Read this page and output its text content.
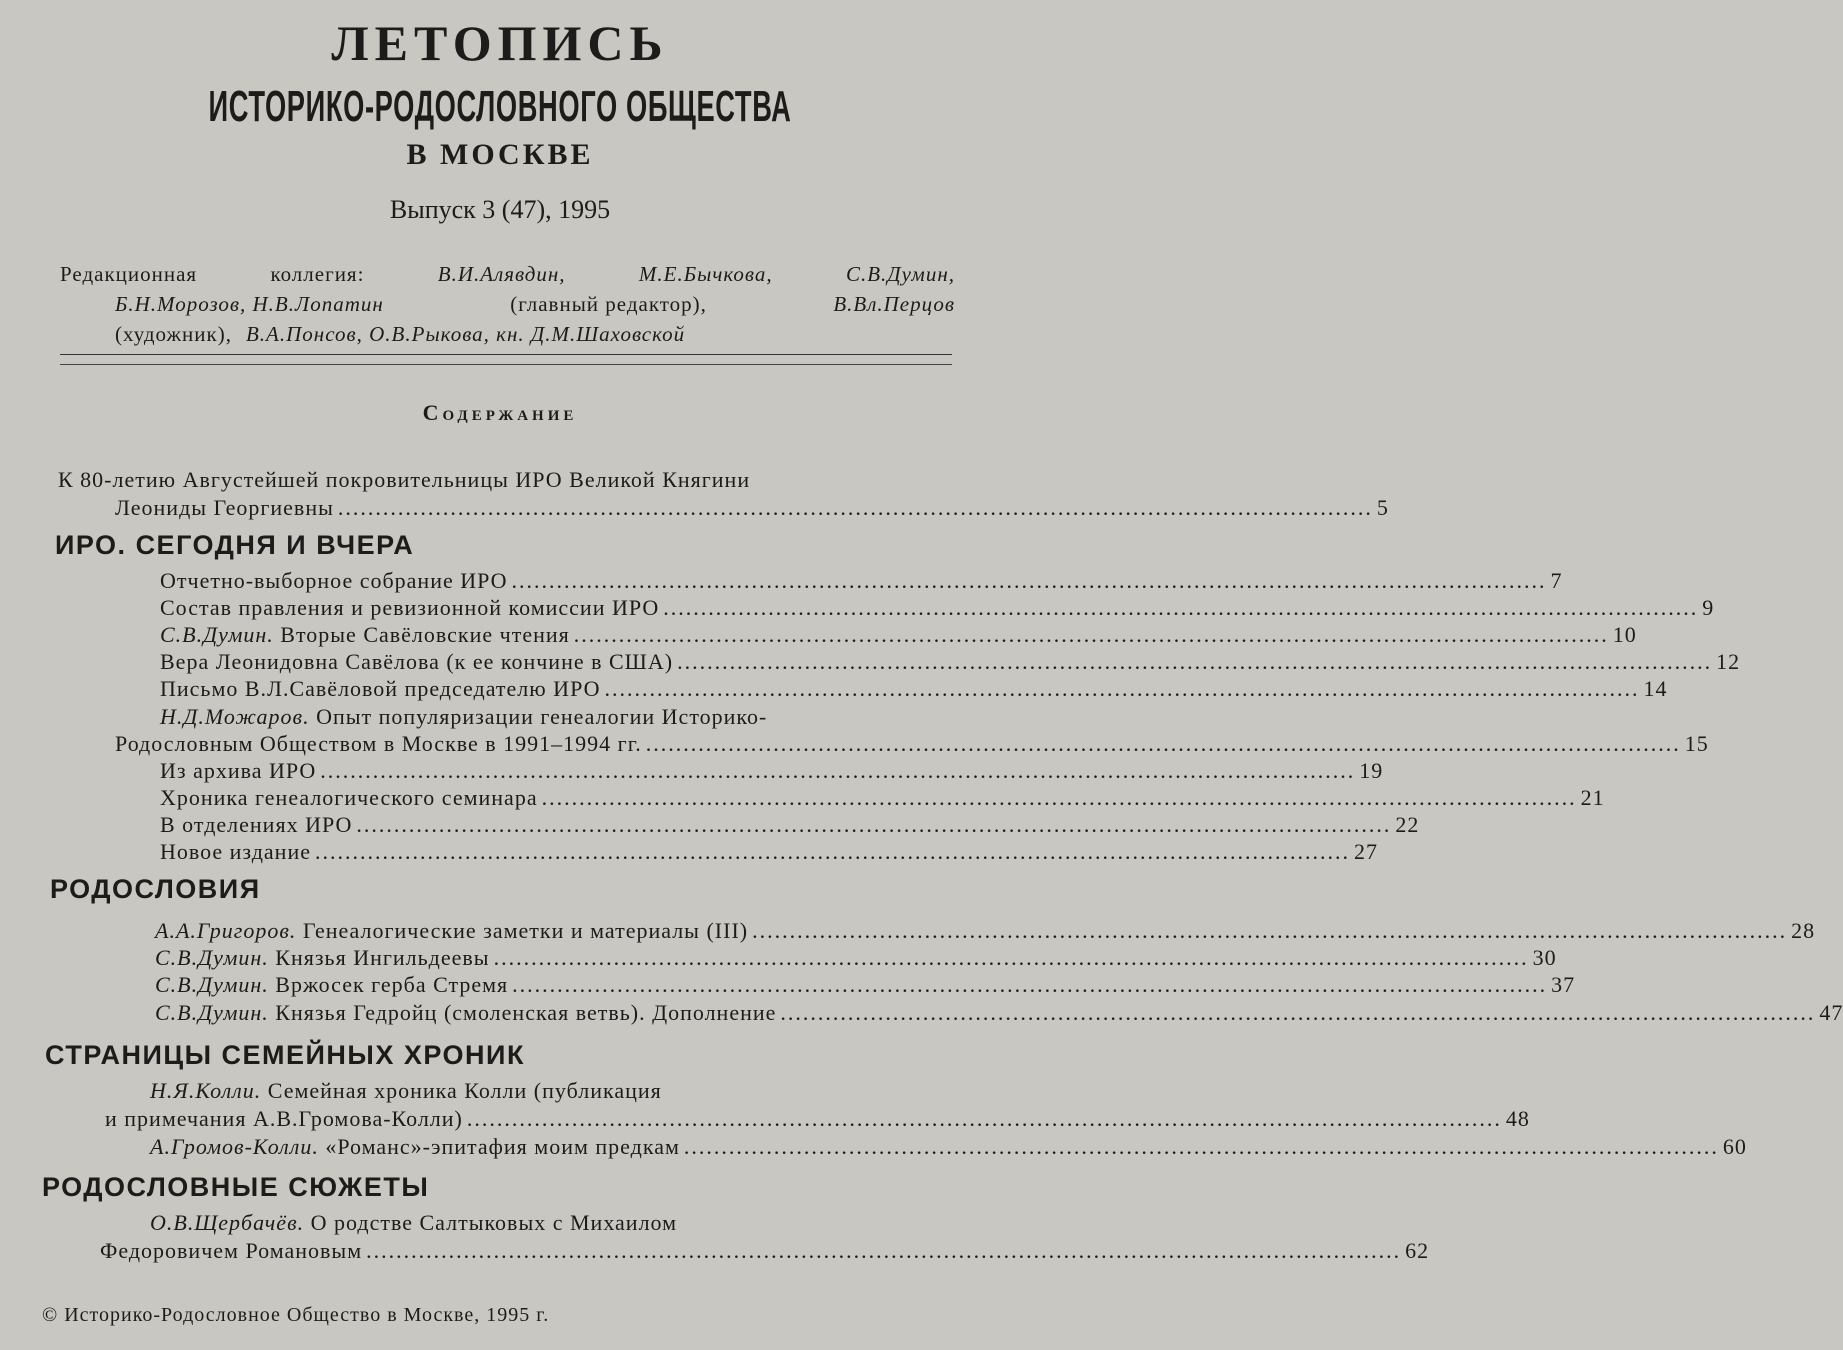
ЛЕТОПИСЬ
ИСТОРИКО-РОДОСЛОВНОГО ОБЩЕСТВА
В МОСКВЕ
Выпуск 3 (47), 1995
Редакционная коллегия:	В.И.Алявдин, М.Е.Бычкова, С.В.Думин,
Б.Н.Морозов, Н.В.Лопатин	(главный редактор),	В.Вл.Перцов
(художник), В.А.Понсов, О.В.Рыкова, кн. Д.М.Шаховской
Содержание
К 80-летию Августейшей покровительницы ИРО Великой Княгини
Леониды Георгиевны .......................................................................................................................................... 5
ИРО. СЕГОДНЯ И ВЧЕРА
Отчетно-выборное собрание ИРО .......................................................................................................................................... 7
Состав правления и ревизионной комиссии ИРО .......................................................................................................................................... 9
С.В.Думин. Вторые Савёловские чтения .......................................................................................................................................... 10
Вера Леонидовна Савёлова (к ее кончине в США) .......................................................................................................................................... 12
Письмо В.Л.Савёловой председателю ИРО .......................................................................................................................................... 14
Н.Д.Можаров. Опыт популяризации генеалогии Историко-
Родословным Обществом в Москве в 1991–1994 гг. .......................................................................................................................................... 15
Из архива ИРО .......................................................................................................................................... 19
Хроника генеалогического семинара .......................................................................................................................................... 21
В отделениях ИРО .......................................................................................................................................... 22
Новое издание .......................................................................................................................................... 27
РОДОСЛОВИЯ
А.А.Григоров. Генеалогические заметки и материалы (III) .......................................................................................................................................... 28
С.В.Думин. Князья Ингильдеевы .......................................................................................................................................... 30
С.В.Думин. Вржосек герба Стремя .......................................................................................................................................... 37
С.В.Думин. Князья Гедройц (смоленская ветвь). Дополнение .......................................................................................................................................... 47
СТРАНИЦЫ СЕМЕЙНЫХ ХРОНИК
Н.Я.Колли. Семейная хроника Колли (публикация
и примечания А.В.Громова-Колли) .......................................................................................................................................... 48
А.Громов-Колли. «Романс»-эпитафия моим предкам .......................................................................................................................................... 60
РОДОСЛОВНЫЕ СЮЖЕТЫ
О.В.Щербачёв. О родстве Салтыковых с Михаилом
Федоровичем Романовым .......................................................................................................................................... 62
© Историко-Родословное Общество в Москве, 1995 г.
